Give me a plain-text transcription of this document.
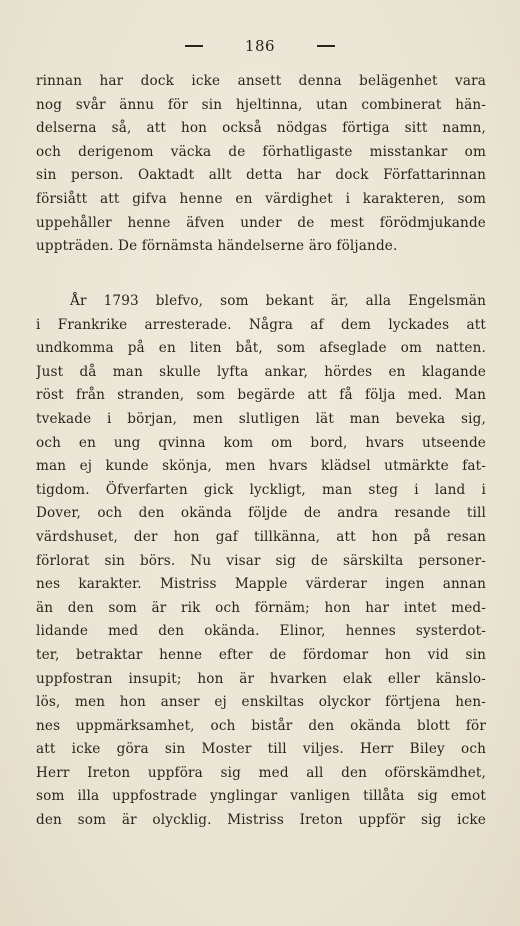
186
rinnan har dock icke ansett denna belägenhet vara
nog svår ännu för sin hjeltinna, utan combinerat hän-
delserna så, att hon också nödgas förtiga sitt namn,
och derigenom väcka de förhatligaste misstankar om
sin person. Oaktadt allt detta har dock Författarinnan
försiått att gifva henne en värdighet i karakteren, som
uppehåller henne äfven under de mest förödmjukande
uppträden. De förnämsta händelserne äro följande.
År 1793 blefvo, som bekant är, alla Engelsmän
i Frankrike arresterade. Några af dem lyckades att
undkomma på en liten båt, som afseglade om natten.
Just då man skulle lyfta ankar, hördes en klagande
röst från stranden, som begärde att få följa med. Man
tvekade i början, men slutligen lät man beveka sig,
och en ung qvinna kom om bord, hvars utseende
man ej kunde skönja, men hvars klädsel utmärkte fat-
tigdom. Öfverfarten gick lyckligt, man steg i land i
Dover, och den okända följde de andra resande till
värdshuset, der hon gaf tillkänna, att hon på resan
förlorat sin börs. Nu visar sig de särskilta personer-
nes karakter. Mistriss Mapple värderar ingen annan
än den som är rik och förnäm; hon har intet med-
lidande med den okända. Elinor, hennes systerdot-
ter, betraktar henne efter de fördomar hon vid sin
uppfostran insupit; hon är hvarken elak eller känslo-
lös, men hon anser ej enskiltas olyckor förtjena hen-
nes uppmärksamhet, och bistår den okända blott för
att icke göra sin Moster till viljes. Herr Biley och
Herr Ireton uppföra sig med all den oförskämdhet,
som illa uppfostrade ynglingar vanligen tillåta sig emot
den som är olycklig. Mistriss Ireton uppför sig icke
